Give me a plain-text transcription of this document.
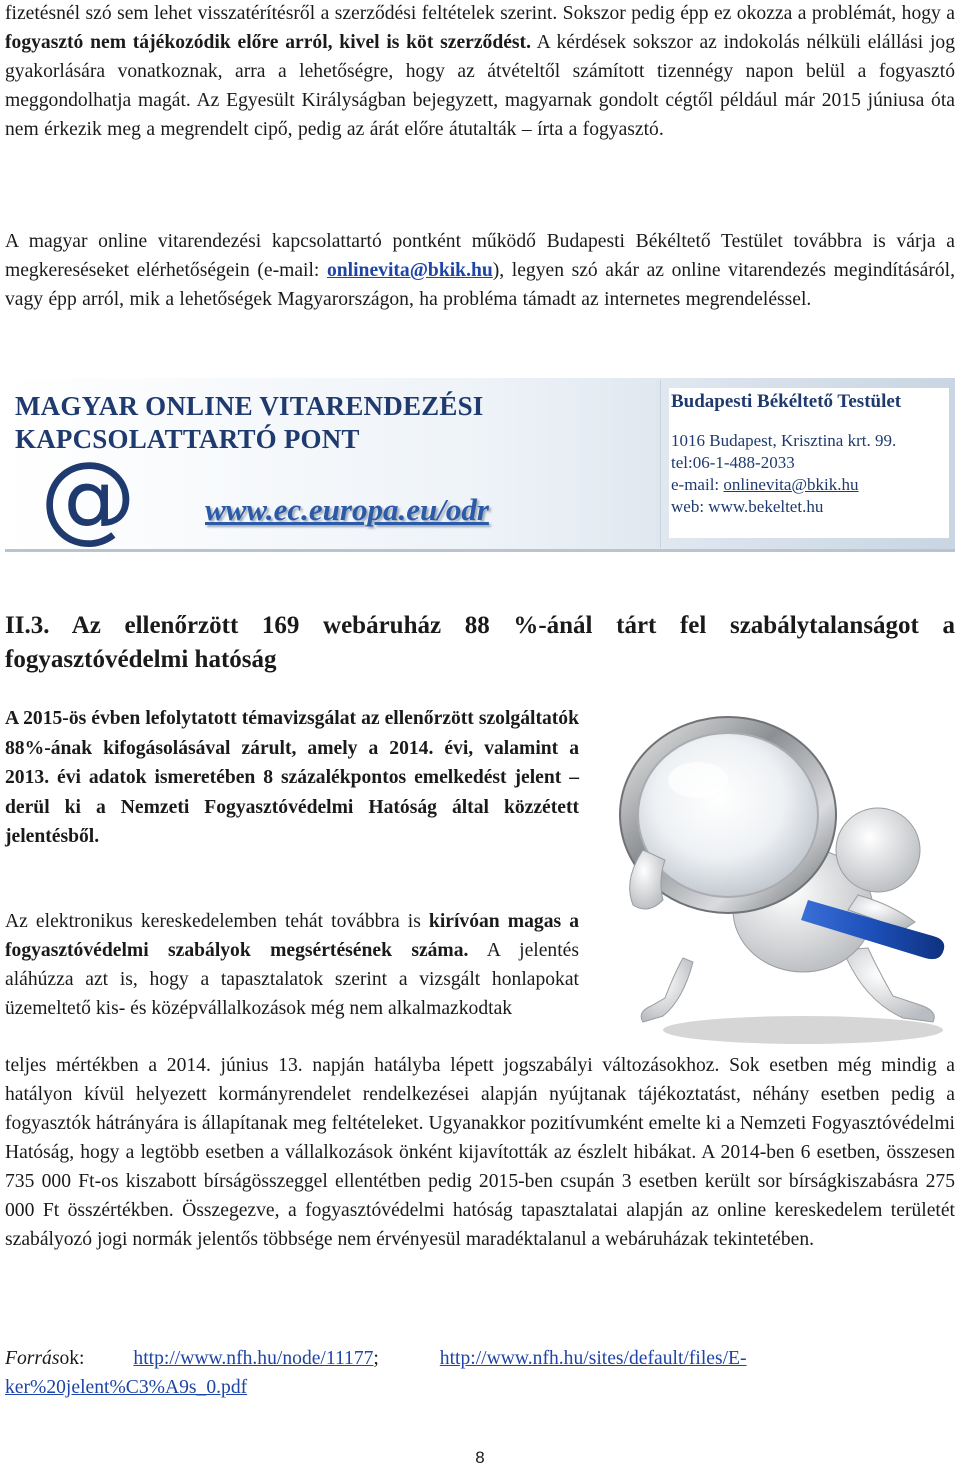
fizetésnél szó sem lehet visszatérítésről a szerződési feltételek szerint. Sokszor pedig épp ez okozza a problémát, hogy a fogyasztó nem tájékozódik előre arról, kivel is köt szerződést. A kérdések sokszor az indokolás nélküli elállási jog gyakorlására vonatkoznak, arra a lehetőségre, hogy az átvételtől számított tizennégy napon belül a fogyasztó meggondolhatja magát. Az Egyesült Királyságban bejegyzett, magyarnak gondolt cégtől például már 2015 júniusa óta nem érkezik meg a megrendelt cipő, pedig az árát előre átutalták – írta a fogyasztó.

A magyar online vitarendezési kapcsolattartó pontként működő Budapesti Békéltető Testület továbbra is várja a megkereséseket elérhetőségein (e-mail: onlinevita@bkik.hu), legyen szó akár az online vitarendezés megindításáról, vagy épp arról, mik a lehetőségek Magyarországon, ha probléma támadt az internetes megrendeléssel.

MAGYAR ONLINE VITARENDEZÉSI

KAPCSOLATTARTÓ PONT

@ www.ec.europa.eu/odr

Budapesti Békéltető Testület

1016 Budapest, Krisztina krt. 99.

tel:06-1-488-2033

e-mail: onlinevita@bkik.hu

web: www.bekeltet.hu

II.3. Az ellenőrzött 169 webáruház 88 %-ánál tárt fel szabálytalanságot a fogyasztóvédelmi hatóság

A 2015-ös évben lefolytatott témavizsgálat az ellenőrzött szolgáltatók 88%-ának kifogásolásával zárult, amely a 2014. évi, valamint a 2013. évi adatok ismeretében 8 százalékpontos emelkedést jelent – derül ki a Nemzeti Fogyasztóvédelmi Hatóság által közzétett jelentésből.

Az elektronikus kereskedelemben tehát továbbra is kirívóan magas a fogyasztóvédelmi szabályok megsértésének száma. A jelentés aláhúzza azt is, hogy a tapasztalatok szerint a vizsgált honlapokat üzemeltető kis- és középvállalkozások még nem alkalmazkodtak

teljes mértékben a 2014. június 13. napján hatályba lépett jogszabályi változásokhoz. Sok esetben még mindig a hatályon kívül helyezett kormányrendelet rendelkezései alapján nyújtanak tájékoztatást, néhány esetben pedig a fogyasztók hátrányára is állapítanak meg feltételeket. Ugyanakkor pozitívumként emelte ki a Nemzeti Fogyasztóvédelmi Hatóság, hogy a legtöbb esetben a vállalkozások önként kijavították az észlelt hibákat. A 2014-ben 6 esetben, összesen 735 000 Ft-os kiszabott bírságösszeggel ellentétben pedig 2015-ben csupán 3 esetben került sor bírságkiszabásra 275 000 Ft összértékben. Összegezve, a fogyasztóvédelmi hatóság tapasztalatai alapján az online kereskedelem területét szabályozó jogi normák jelentős többsége nem érvényesül maradéktalanul a webáruházak tekintetében.

Források: http://www.nfh.hu/node/11177;	http://www.nfh.hu/sites/default/files/E-
ker%20jelent%C3%A9s_0.pdf

8
